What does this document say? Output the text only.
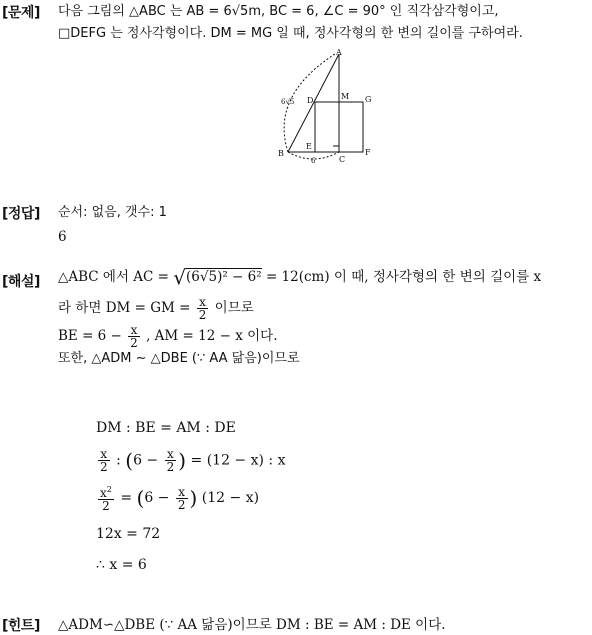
[문제] 다음 그림의 △ABC 는 AB = 6√5m, BC = 6, ∠C = 90° 인 직각삼각형이고,
□DEFG 는 정사각형이다. DM = MG 일 때, 정사각형의 한 변의 길이를 구하여라.
A
B
C
D
E
F
G
M
6√5
6
[정답] 순서: 없음, 갯수: 1
6
[해설] △ABC 에서 AC = √(6√5)² − 6² = 12(cm) 이 때, 정사각형의 한 변의 길이를 x
라 하면 DM = GM = $\frac{x}{2}$ 이므로
BE = $6 - \frac{x}{2}$ , AM = 12 − x 이다.
또한, △ADM ∼ △DBE (∵ AA 닮음)이므로
DM : BE = AM : DE
$\frac{x}{2}$ : ($6 - \frac{x}{2}$ ) = (12 − x) : x
$\frac{x^2}{2} = (6 - \frac{x}{2}$ ) (12 − x)
12x = 72
∴ x = 6
[힌트] △ADM∽△DBE (∵ AA 닮음)이므로 DM : BE = AM : DE 이다.
